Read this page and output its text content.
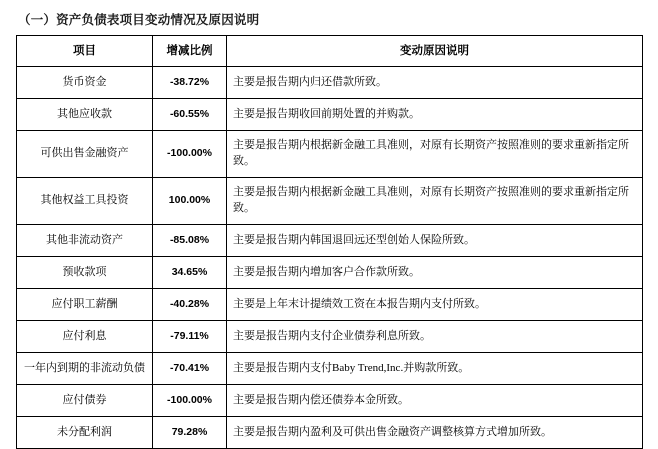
（一）资产负债表项目变动情况及原因说明
项目	增减比例	变动原因说明
货币资金	-38.72%	主要是报告期内归还借款所致。
其他应收款	-60.55%	主要是报告期收回前期处置的并购款。
可供出售金融资产	-100.00%	主要是报告期内根据新金融工具准则，对原有长期资产按照准则的要求重新指定所致。
其他权益工具投资	100.00%	主要是报告期内根据新金融工具准则，对原有长期资产按照准则的要求重新指定所致。
其他非流动资产	-85.08%	主要是报告期内韩国退回远还型创始人保险所致。
预收款项	34.65%	主要是报告期内增加客户合作款所致。
应付职工薪酬	-40.28%	主要是上年末计提绩效工资在本报告期内支付所致。
应付利息	-79.11%	主要是报告期内支付企业债券利息所致。
一年内到期的非流动负债	-70.41%	主要是报告期内支付Baby Trend,Inc.并购款所致。
应付债券	-100.00%	主要是报告期内偿还债券本金所致。
未分配利润	79.28%	主要是报告期内盈利及可供出售金融资产调整核算方式增加所致。
